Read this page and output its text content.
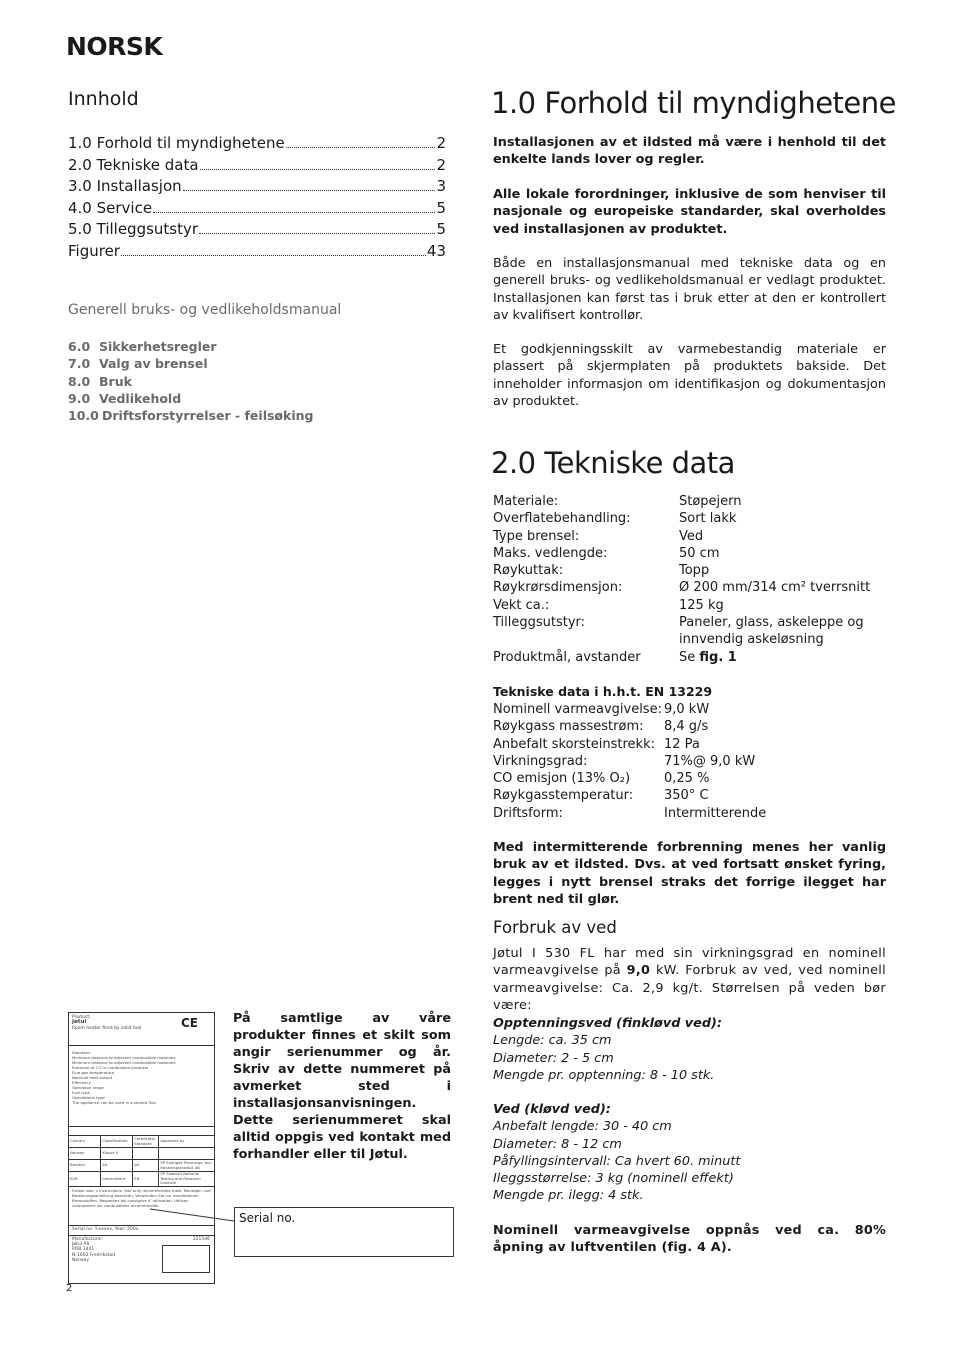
NORSK
Innhold
1.0 Forhold til myndighetene	2
2.0 Tekniske data	2
3.0 Installasjon	3
4.0 Service	5
5.0 Tilleggsutstyr	5
Figurer	43
Generell bruks- og vedlikeholdsmanual
6.0 Sikkerhetsregler
7.0 Valg av brensel
8.0 Bruk
9.0 Vedlikehold
10.0 Driftsforstyrrelser - feilsøking
1.0 Forhold til myndighetene
Installasjonen av et ildsted må være i henhold til det enkelte lands lover og regler.
Alle lokale forordninger, inklusive de som henviser til nasjonale og europeiske standarder, skal overholdes ved installasjonen av produktet.
Både en installasjonsmanual med tekniske data og en generell bruks- og vedlikeholdsmanual er vedlagt produktet. Installasjonen kan først tas i bruk etter at den er kontrollert av kvalifisert kontrollør.
Et godkjenningsskilt av varmebestandig materiale er plassert på skjermplaten på produktets bakside. Det inneholder informasjon om identifikasjon og dokumentasjon av produktet.
2.0 Tekniske data
Materiale:	Støpejern
Overflatebehandling:	Sort lakk
Type brensel:	Ved
Maks. vedlengde:	50 cm
Røykuttak:	Topp
Røykrørsdimensjon:	Ø 200 mm/314 cm² tverrsnitt
Vekt ca.:	125 kg
Tilleggsutstyr:	Paneler, glass, askeleppe og innvendig askeløsning
Produktmål, avstander	Se fig. 1
Tekniske data i h.h.t. EN 13229
Nominell varmeavgivelse: 9,0 kW
Røykgass massestrøm:	8,4 g/s
Anbefalt skorsteinstrekk: 12 Pa
Virkningsgrad:	71%@ 9,0 kW
CO emisjon (13% O₂)	0,25 %
Røykgasstemperatur:	350° C
Driftsform:	Intermitterende
Med intermitterende forbrenning menes her vanlig bruk av et ildsted. Dvs. at ved fortsatt ønsket fyring, legges i nytt brensel straks det forrige ilegget har brent ned til glør.
Forbruk av ved
Jøtul I 530 FL har med sin virkningsgrad en nominell varmeavgivelse på 9,0 kW. Forbruk av ved, ved nominell varmeavgivelse: Ca. 2,9 kg/t. Størrelsen på veden bør være:
Opptenningsved (finkløvd ved):
Lengde: ca. 35 cm
Diameter: 2 - 5 cm
Mengde pr. opptenning: 8 - 10 stk.
Ved (kløvd ved):
Anbefalt lengde: 30 - 40 cm
Diameter: 8 - 12 cm
Påfyllingsintervall: Ca hvert 60. minutt
Ileggsstørrelse: 3 kg (nominell effekt)
Mengde pr. ilegg: 4 stk.
Nominell varmeavgivelse oppnås ved ca. 80% åpning av luftventilen (fig. 4 A).
Product:
Jøtul
Room heater fired by solid fuel	CE
Standard
Minimum distance to adjacent combustible materials
Minimum distance to adjacent combustible materials
Emission of CO in combustion products
Flue gas temperature
Nominal heat output
Efficiency
Operation range
Fuel type
Operational type
The appliance can be used in a shared flue.
Country	Classification	Certificate/ Standard	Approved by
Norway	Klasse II		
Sweden	Alt.	ge	SP Sveriges Provnings- och forskningsinstitut AB
EUR	intermittent	EN	SP Swedish National Testing and Research Institute
Follow user´s instructions. Use only recommended fuels. Montage- und Bedienungsanleitung beachten. Verwenden Sie nur empfohlenen Brennstoffen. Respectez les consignes d´utilisation. Utilisez uniquement les combustibles recommandés.
Serial no: Y-xxxxx, Year: 200x
Manufacturer:	221546
Jøtul AS
POB 1441
N-1602 Fredrikstad
Norway
På samtlige av våre produkter finnes et skilt som angir serienummer og år. Skriv av dette nummeret på avmerket sted i installasjonsanvisningen. Dette serienummeret skal alltid oppgis ved kontakt med forhandler eller til Jøtul.
Serial no.
2
